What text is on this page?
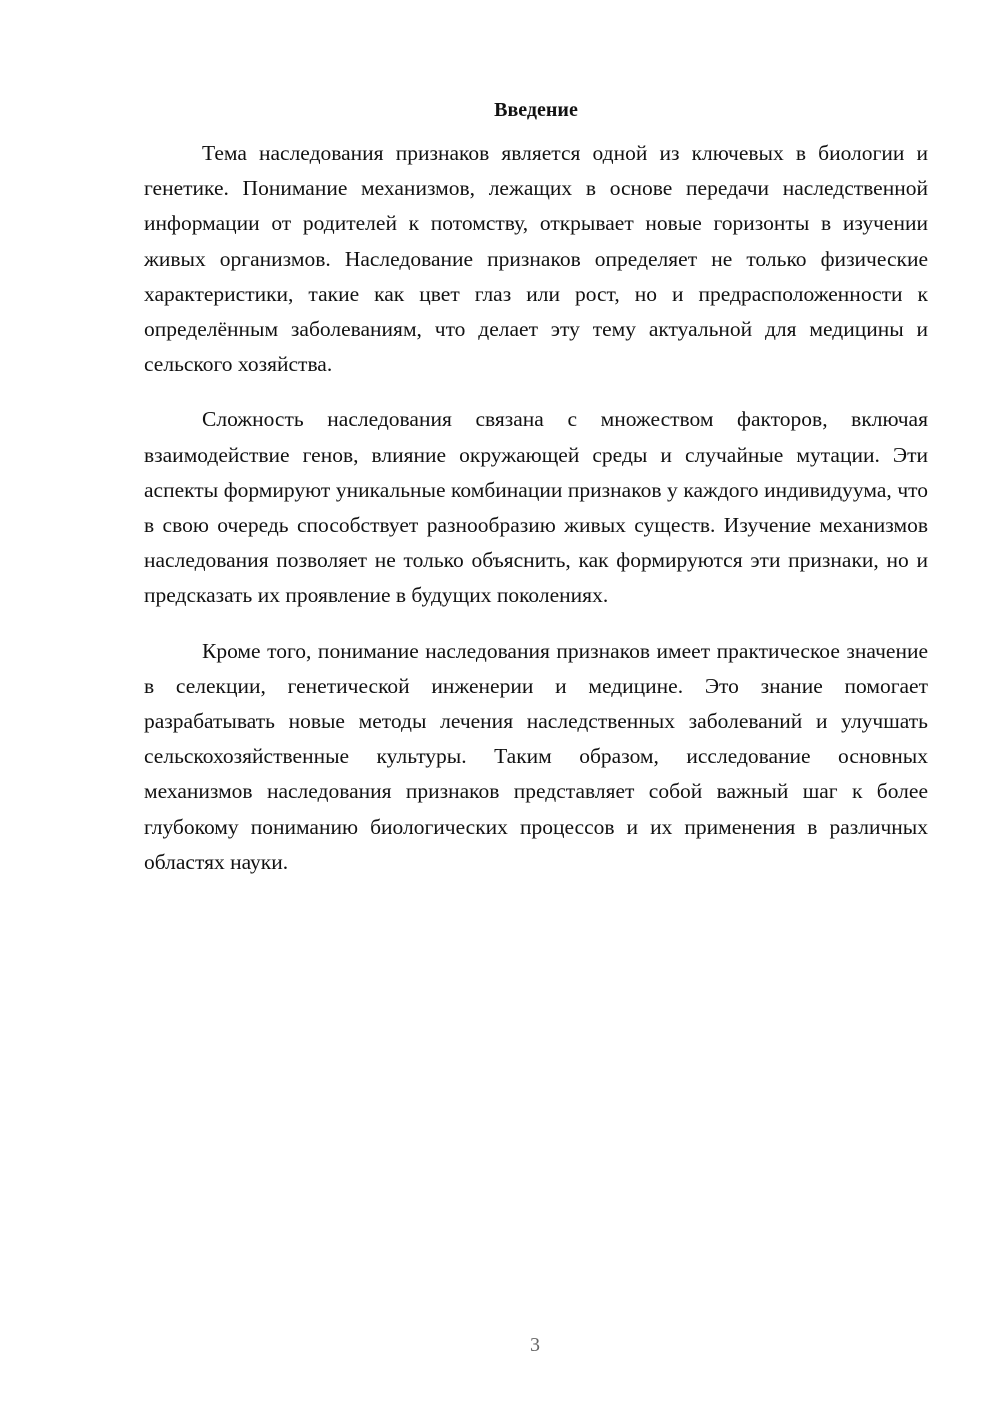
Введение

Тема наследования признаков является одной из ключевых в биологии и генетике. Понимание механизмов, лежащих в основе передачи наследственной информации от родителей к потомству, открывает новые горизонты в изучении живых организмов. Наследование признаков определяет не только физические характеристики, такие как цвет глаз или рост, но и предрасположенности к определённым заболеваниям, что делает эту тему актуальной для медицины и сельского хозяйства.

Сложность наследования связана с множеством факторов, включая взаимодействие генов, влияние окружающей среды и случайные мутации. Эти аспекты формируют уникальные комбинации признаков у каждого индивидуума, что в свою очередь способствует разнообразию живых существ. Изучение механизмов наследования позволяет не только объяснить, как формируются эти признаки, но и предсказать их проявление в будущих поколениях.

Кроме того, понимание наследования признаков имеет практическое значение в селекции, генетической инженерии и медицине. Это знание помогает разрабатывать новые методы лечения наследственных заболеваний и улучшать сельскохозяйственные культуры. Таким образом, исследование основных механизмов наследования признаков представляет собой важный шаг к более глубокому пониманию биологических процессов и их применения в различных областях науки.

3
